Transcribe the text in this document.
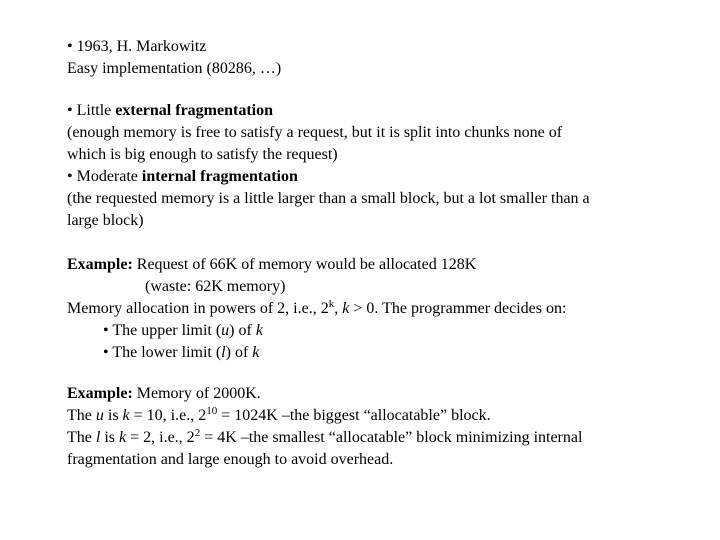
• 1963, H. Markowitz
Easy implementation (80286, …)
• Little external fragmentation
(enough memory is free to satisfy a request, but it is split into chunks none of
which is big enough to satisfy the request)
• Moderate internal fragmentation
(the requested memory is a little larger than a small block, but a lot smaller than a
large block)
Example: Request of 66K of memory would be allocated 128K
(waste: 62K memory)
Memory allocation in powers of 2, i.e., 2$^k$, k > 0. The programmer decides on:
• The upper limit (u) of k
• The lower limit (l) of k
Example: Memory of 2000K.
The u is k = 10, i.e., $2^{10} = 1024K$ –the biggest “allocatable” block.
The l is k = 2, i.e., $2^2 = 4K$ –the smallest “allocatable” block minimizing internal
fragmentation and large enough to avoid overhead.
